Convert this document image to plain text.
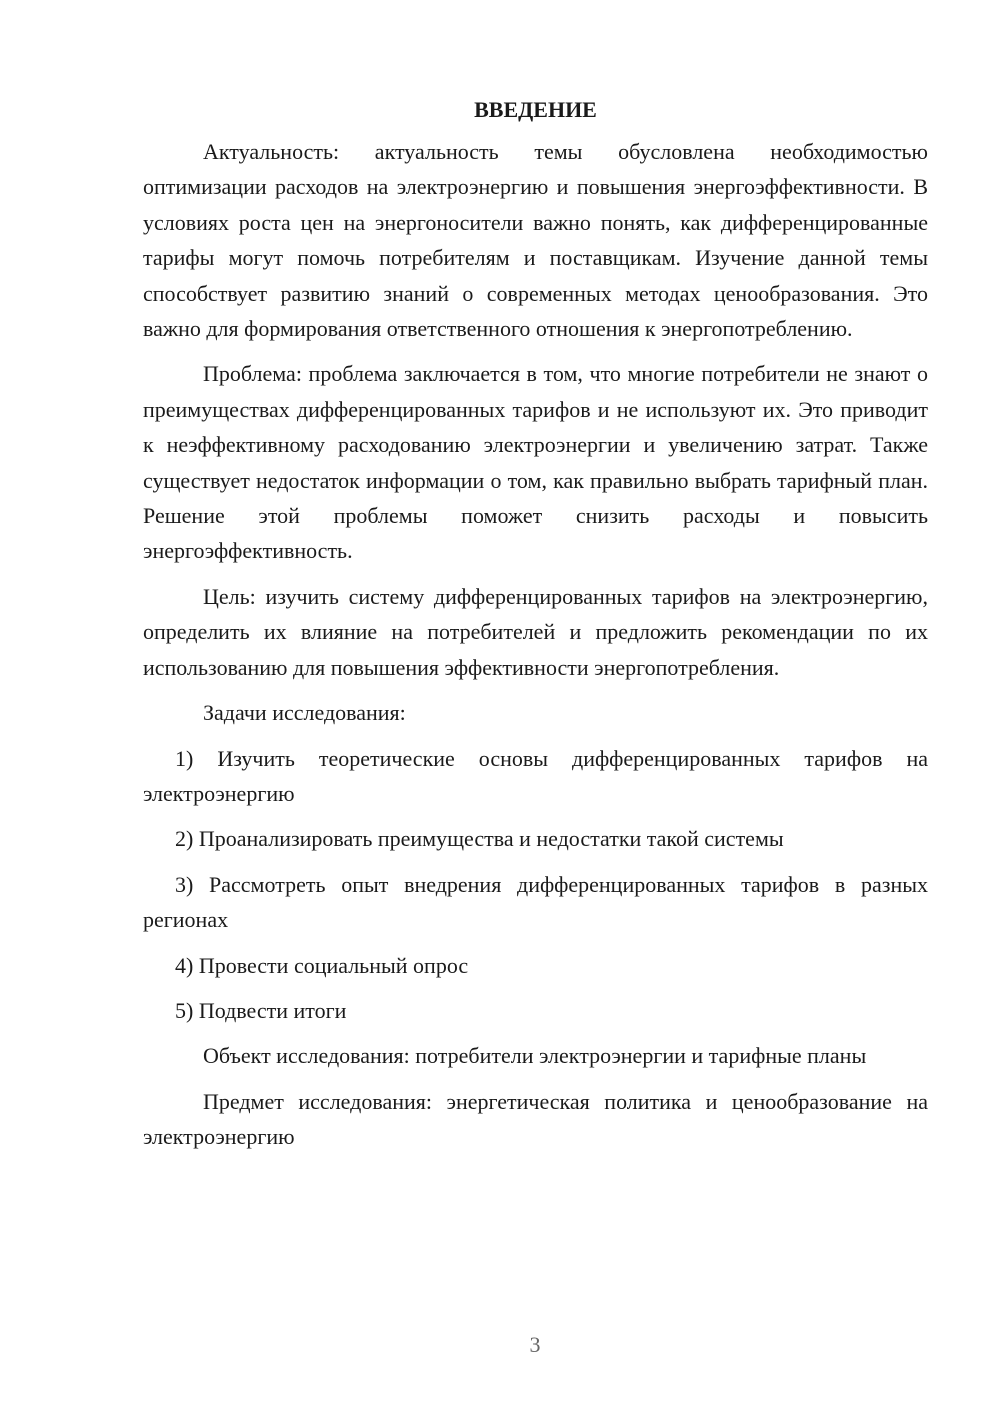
ВВЕДЕНИЕ

Актуальность: актуальность темы обусловлена необходимостью оптимизации расходов на электроэнергию и повышения энергоэффективности. В условиях роста цен на энергоносители важно понять, как дифференцированные тарифы могут помочь потребителям и поставщикам. Изучение данной темы способствует развитию знаний о современных методах ценообразования. Это важно для формирования ответственного отношения к энергопотреблению.

Проблема: проблема заключается в том, что многие потребители не знают о преимуществах дифференцированных тарифов и не используют их. Это приводит к неэффективному расходованию электроэнергии и увеличению затрат. Также существует недостаток информации о том, как правильно выбрать тарифный план. Решение этой проблемы поможет снизить расходы и повысить энергоэффективность.

Цель: изучить систему дифференцированных тарифов на электроэнергию, определить их влияние на потребителей и предложить рекомендации по их использованию для повышения эффективности энергопотребления.

Задачи исследования:

1) Изучить теоретические основы дифференцированных тарифов на электроэнергию

2) Проанализировать преимущества и недостатки такой системы

3) Рассмотреть опыт внедрения дифференцированных тарифов в разных регионах

4) Провести социальный опрос

5) Подвести итоги

Объект исследования: потребители электроэнергии и тарифные планы

Предмет исследования: энергетическая политика и ценообразование на электроэнергию

3
